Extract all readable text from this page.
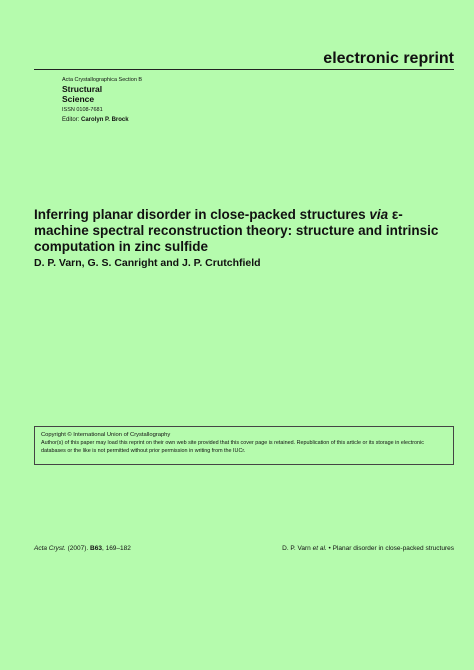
electronic reprint
Acta Crystallographica Section B
Structural
Science
ISSN 0108-7681
Editor: Carolyn P. Brock
Inferring planar disorder in close-packed structures via ε-machine spectral reconstruction theory: structure and intrinsic computation in zinc sulfide
D. P. Varn, G. S. Canright and J. P. Crutchfield
Copyright © International Union of Crystallography
Author(s) of this paper may load this reprint on their own web site provided that this cover page is retained. Republication of this article or its storage in electronic databases or the like is not permitted without prior permission in writing from the IUCr.
Acta Cryst. (2007). B63, 169–182	D. P. Varn et al. • Planar disorder in close-packed structures
